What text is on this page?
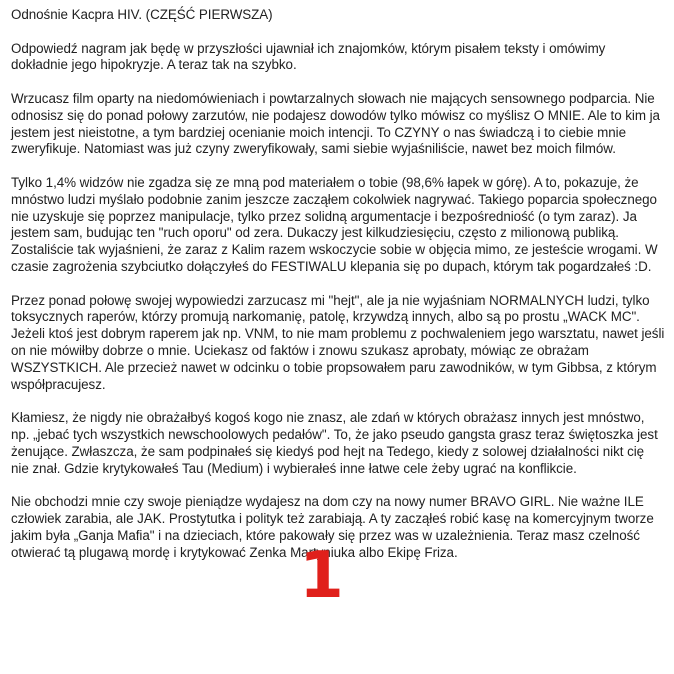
Odnośnie Kacpra HIV. (CZĘŚĆ PIERWSZA)
Odpowiedź nagram jak będę w przyszłości ujawniał ich znajomków, którym pisałem teksty i omówimy dokładnie jego hipokryzje. A teraz tak na szybko.
Wrzucasz film oparty na niedomówieniach i powtarzalnych słowach nie mających sensownego podparcia. Nie odnosisz się do ponad połowy zarzutów, nie podajesz dowodów tylko mówisz co myślisz O MNIE. Ale to kim ja jestem jest nieistotne, a tym bardziej ocenianie moich intencji. To CZYNY o nas świadczą i to ciebie mnie zweryfikuje. Natomiast was już czyny zweryfikowały, sami siebie wyjaśniliście, nawet bez moich filmów.
Tylko 1,4% widzów nie zgadza się ze mną pod materiałem o tobie (98,6% łapek w górę). A to, pokazuje, że mnóstwo ludzi myślało podobnie zanim jeszcze zacząłem cokolwiek nagrywać. Takiego poparcia społecznego nie uzyskuje się poprzez manipulacje, tylko przez solidną argumentacje i bezpośredniość (o tym zaraz). Ja jestem sam, budując ten "ruch oporu" od zera. Dukaczy jest kilkudziesięciu, często z milionową publiką. Zostaliście tak wyjaśnieni, że zaraz z Kalim razem wskoczycie sobie w objęcia mimo, ze jesteście wrogami. W czasie zagrożenia szybciutko dołączyłeś do FESTIWALU klepania się po dupach, którym tak pogardzałeś :D.
Przez ponad połowę swojej wypowiedzi zarzucasz mi "hejt", ale ja nie wyjaśniam NORMALNYCH ludzi, tylko toksycznych raperów, którzy promują narkomanię, patolę, krzywdzą innych, albo są po prostu „WACK MC". Jeżeli ktoś jest dobrym raperem jak np. VNM, to nie mam problemu z pochwaleniem jego warsztatu, nawet jeśli on nie mówiłby dobrze o mnie. Uciekasz od faktów i znowu szukasz aprobaty, mówiąc ze obrażam WSZYSTKICH. Ale przecież nawet w odcinku o tobie propsowałem paru zawodników, w tym Gibbsa, z którym współpracujesz.
Kłamiesz, że nigdy nie obrażałbyś kogoś kogo nie znasz, ale zdań w których obrażasz innych jest mnóstwo, np. „jebać tych wszystkich newschoolowych pedałów". To, że jako pseudo gangsta grasz teraz świętoszka jest żenujące. Zwłaszcza, że sam podpinałeś się kiedyś pod hejt na Tedego, kiedy z solowej działalności nikt cię nie znał. Gdzie krytykowałeś Tau (Medium) i wybierałeś inne łatwe cele żeby ugrać na konflikcie.
Nie obchodzi mnie czy swoje pieniądze wydajesz na dom czy na nowy numer BRAVO GIRL. Nie ważne ILE człowiek zarabia, ale JAK. Prostytutka i polityk też zarabiają. A ty zacząłeś robić kasę na komercyjnym tworze jakim była „Ganja Mafia" i na dzieciach, które pakowały się przez was w uzależnienia. Teraz masz czelność otwierać tą plugawą mordę i krytykować Zenka Martyniuka albo Ekipę Friza.
1
